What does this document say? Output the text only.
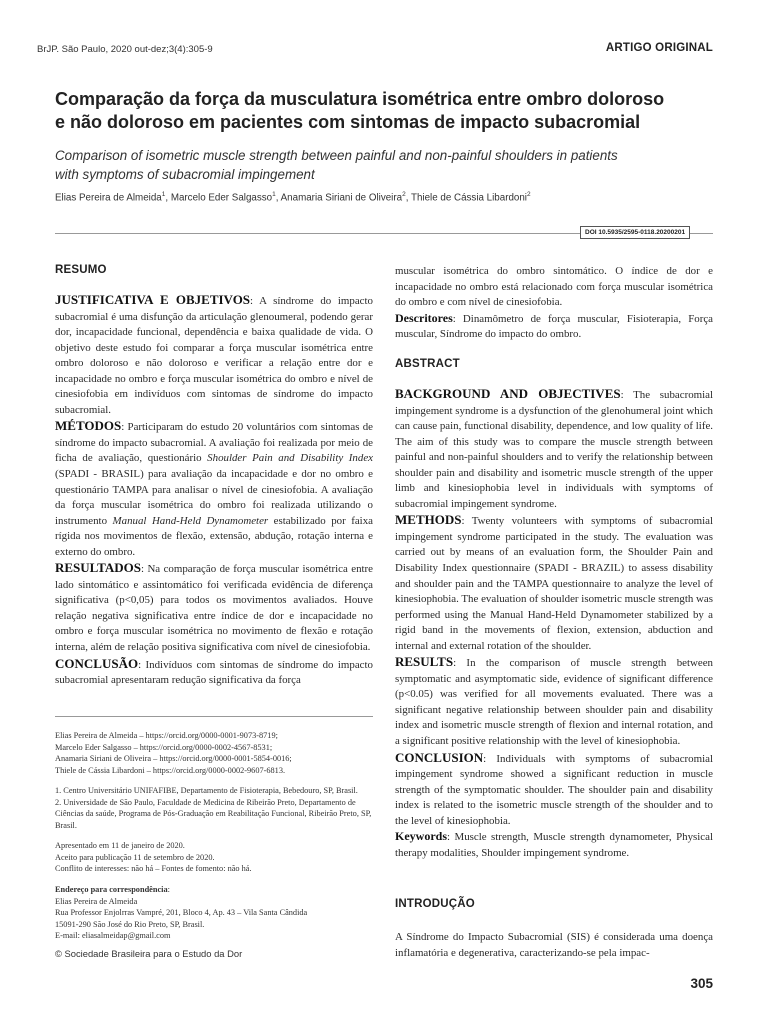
BrJP. São Paulo, 2020 out-dez;3(4):305-9	ARTIGO ORIGINAL
Comparação da força da musculatura isométrica entre ombro doloroso
e não doloroso em pacientes com sintomas de impacto subacromial
Comparison of isometric muscle strength between painful and non-painful shoulders in patients
with symptoms of subacromial impingement
Elias Pereira de Almeida$^1$, Marcelo Eder Salgasso$^1$, Anamaria Siriani de Oliveira$^2$, Thiele de Cássia Libardoni$^2$
DOI 10.5935/2595-0118.20200201
RESUMO

JUSTIFICATIVA E OBJETIVOS: A síndrome do impacto subacromial é uma disfunção da articulação glenoumeral, podendo gerar dor, incapacidade funcional, dependência e baixa qualidade de vida. O objetivo deste estudo foi comparar a força muscular isométrica entre ombro doloroso e não doloroso e verificar a relação entre dor e incapacidade no ombro e força muscular isométrica do ombro e nível de cinesiofobia em indivíduos com sintomas de síndrome do impacto subacromial.

MÉTODOS: Participaram do estudo 20 voluntários com sintomas de síndrome do impacto subacromial. A avaliação foi realizada por meio de ficha de avaliação, questionário Shoulder Pain and Disability Index (SPADI - BRASIL) para avaliação da incapacidade e dor no ombro e questionário TAMPA para analisar o nível de cinesiofobia. A avaliação da força muscular isométrica do ombro foi realizada utilizando o instrumento Manual Hand-Held Dynamometer estabilizado por faixa rígida nos movimentos de flexão, extensão, abdução, rotação interna e externo do ombro.

RESULTADOS: Na comparação de força muscular isométrica entre lado sintomático e assintomático foi verificada evidência de diferença significativa (p<0,05) para todos os movimentos avaliados. Houve relação negativa significativa entre índice de dor e incapacidade no ombro e força muscular isométrica no movimento de flexão e rotação interna, além de relação positiva significativa com nível de cinesiofobia.

CONCLUSÃO: Indivíduos com sintomas de síndrome do impacto subacromial apresentaram redução significativa da força

Elias Pereira de Almeida – https://orcid.org/0000-0001-9073-8719;

Marcelo Eder Salgasso – https://orcid.org/0000-0002-4567-8531;

Anamaria Siriani de Oliveira – https://orcid.org/0000-0001-5854-0016;

Thiele de Cássia Libardoni – https://orcid.org/0000-0002-9607-6813.

1. Centro Universitário UNIFAFIBE, Departamento de Fisioterapia, Bebedouro, SP, Brasil.

2. Universidade de São Paulo, Faculdade de Medicina de Ribeirão Preto, Departamento de Ciências da saúde, Programa de Pós-Graduação em Reabilitação Funcional, Ribeirão Preto, SP, Brasil.

Apresentado em 11 de janeiro de 2020.

Aceito para publicação 11 de setembro de 2020.

Conflito de interesses: não há – Fontes de fomento: não há.

Endereço para correspondência:

Elias Pereira de Almeida

Rua Professor Enjolrras Vampré, 201, Bloco 4, Ap. 43 – Vila Santa Cândida

15091-290 São José do Rio Preto, SP, Brasil.

E-mail: eliasalmeidap@gmail.com

© Sociedade Brasileira para o Estudo da Dor

muscular isométrica do ombro sintomático. O índice de dor e incapacidade no ombro está relacionado com força muscular isométrica do ombro e com nível de cinesiofobia.

Descritores: Dinamômetro de força muscular, Fisioterapia, Força muscular, Síndrome do impacto do ombro.

ABSTRACT

BACKGROUND AND OBJECTIVES: The subacromial impingement syndrome is a dysfunction of the glenohumeral joint which can cause pain, functional disability, dependence, and low quality of life. The aim of this study was to compare the muscle strength between painful and non-painful shoulders and to verify the relationship between shoulder pain and disability and isometric muscle strength of the upper limb and kinesiophobia level in individuals with symptoms of subacromial impingement syndrome.

METHODS: Twenty volunteers with symptoms of subacromial impingement syndrome participated in the study. The evaluation was carried out by means of an evaluation form, the Shoulder Pain and Disability Index questionnaire (SPADI - BRAZIL) to assess disability and shoulder pain and the TAMPA questionnaire to analyze the level of kinesiophobia. The evaluation of shoulder isometric muscle strength was performed using the Manual Hand-Held Dynamometer stabilized by a rigid band in the movements of flexion, extension, abduction and internal and external rotation of the shoulder.

RESULTS: In the comparison of muscle strength between symptomatic and asymptomatic side, evidence of significant difference (p<0.05) was verified for all movements evaluated. There was a significant negative relationship between shoulder pain and disability index and isometric muscle strength of flexion and internal rotation, and a significant positive relationship with the level of kinesiophobia.

CONCLUSION: Individuals with symptoms of subacromial impingement syndrome showed a significant reduction in muscle strength of the symptomatic shoulder. The shoulder pain and disability index is related to the isometric muscle strength of the shoulder and to the level of kinesiophobia.

Keywords: Muscle strength, Muscle strength dynamometer, Physical therapy modalities, Shoulder impingement syndrome.

INTRODUÇÃO
A Síndrome do Impacto Subacromial (SIS) é considerada uma doença inflamatória e degenerativa, caracterizando-se pela impac-
305
